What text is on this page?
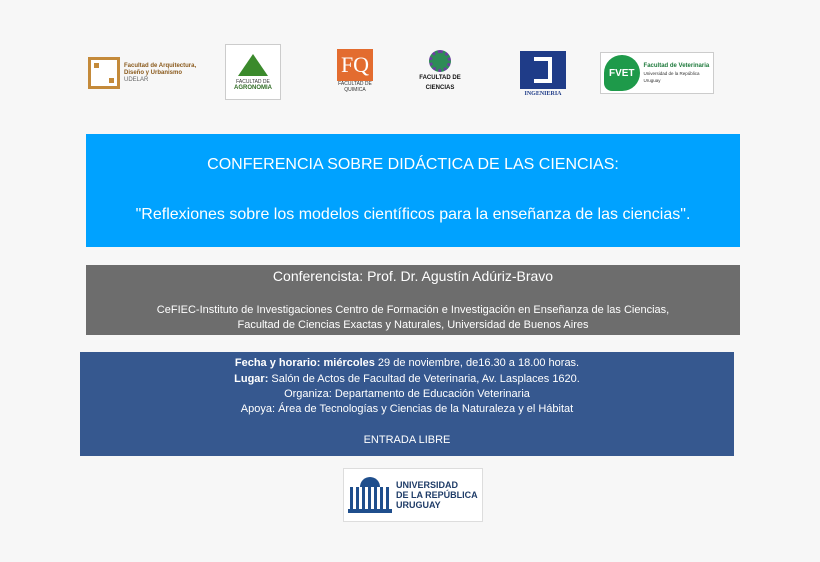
Facultad de Arquitectura,
Diseño y Urbanismo
UDELAR	FACULTAD DE
AGRONOMIA
FQ
FACULTAD DE
QUIMICA
FACULTAD DE
CIENCIAS
INGENIERIA
FVET
Facultad de Veterinaria
Universidad de la República Uruguay
CONFERENCIA SOBRE DIDÁCTICA DE LAS CIENCIAS:
"Reflexiones sobre los modelos científicos para la enseñanza de las ciencias".
Conferencista: Prof. Dr. Agustín Adúriz-Bravo
CeFIEC-Instituto de Investigaciones Centro de Formación e Investigación en Enseñanza de las Ciencias,
Facultad de Ciencias Exactas y Naturales, Universidad de Buenos Aires
Fecha y horario: miércoles 29 de noviembre, de16.30 a 18.00 horas.
Lugar: Salón de Actos de Facultad de Veterinaria, Av. Lasplaces 1620.
Organiza: Departamento de Educación Veterinaria
Apoya: Área de Tecnologías y Ciencias de la Naturaleza y el Hábitat
ENTRADA LIBRE
UNIVERSIDAD
DE LA REPÚBLICA
URUGUAY
